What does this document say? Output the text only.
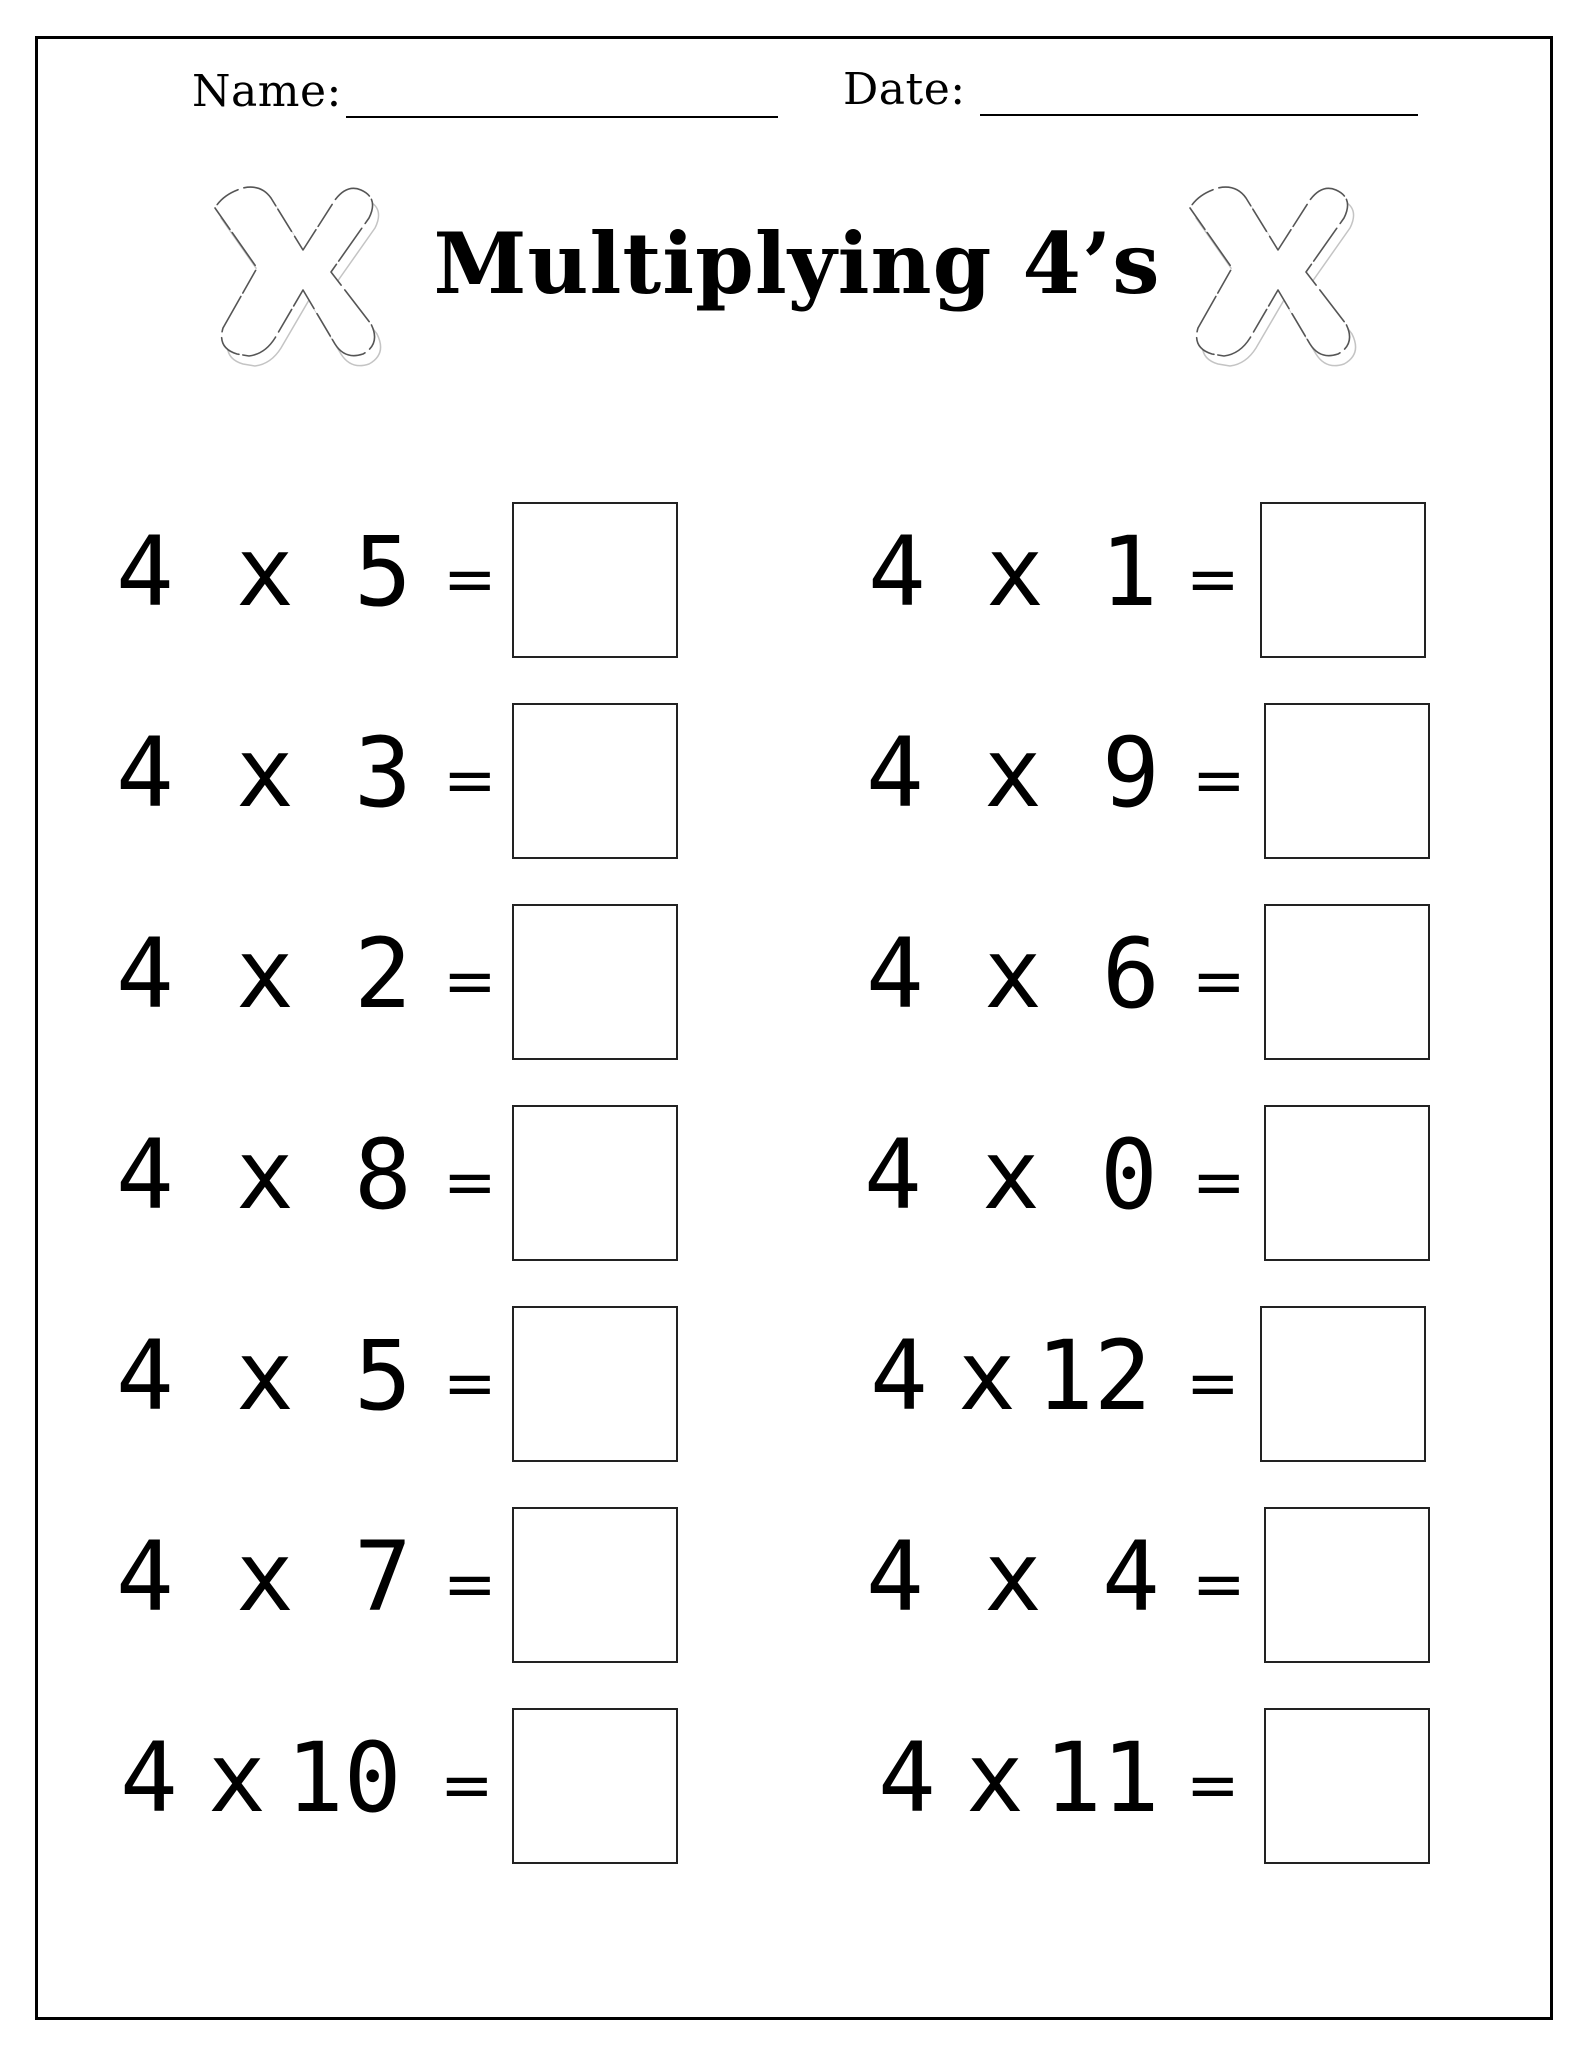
Name:	Date:
Multiplying 4’s
4 x 5 =
4 x 3 =
4 x 2 =
4 x 8 =
4 x 5 =
4 x 7 =
4 x 10 =
4 x 1 =
4 x 9 =
4 x 6 =
4 x 0 =
4 x 12 =
4 x 4 =
4 x 11 =
